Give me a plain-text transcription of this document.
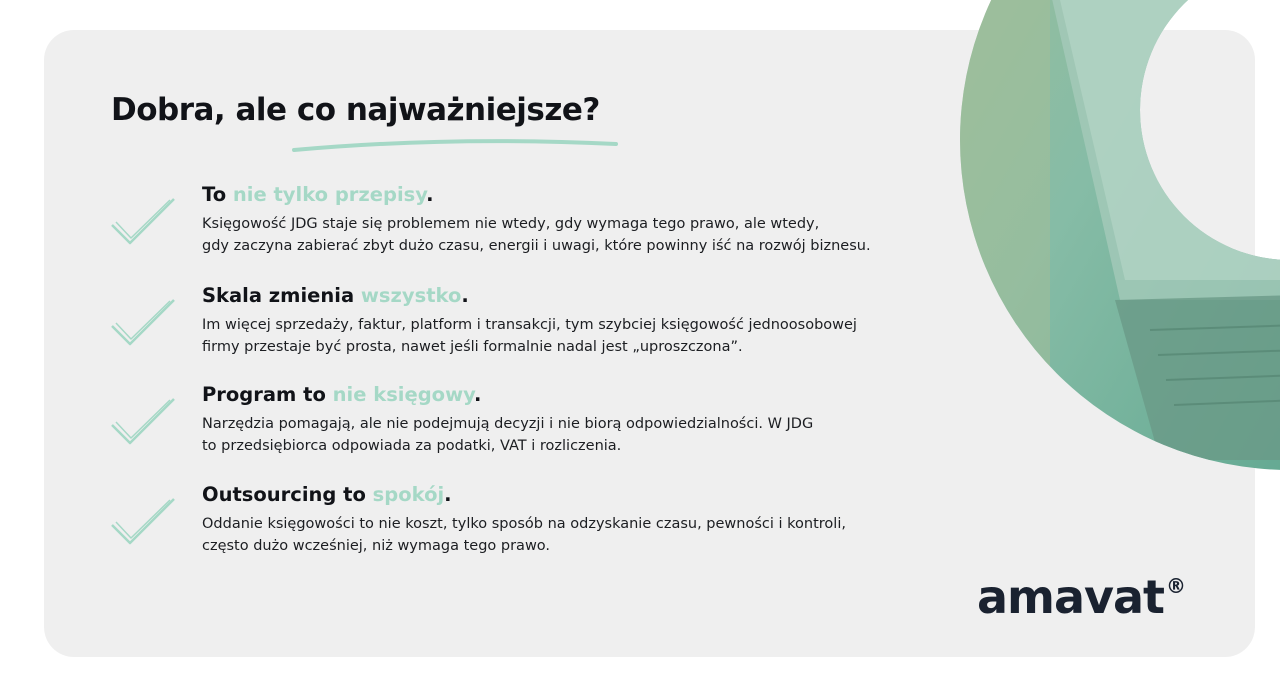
Dobra, ale co najważniejsze?
To nie tylko przepisy.

Księgowość JDG staje się problemem nie wtedy, gdy wymaga tego prawo, ale wtedy,
gdy zaczyna zabierać zbyt dużo czasu, energii i uwagi, które powinny iść na rozwój biznesu.

Skala zmienia wszystko.

Im więcej sprzedaży, faktur, platform i transakcji, tym szybciej księgowość jednoosobowej
firmy przestaje być prosta, nawet jeśli formalnie nadal jest „uproszczona”.

Program to nie księgowy.

Narzędzia pomagają, ale nie podejmują decyzji i nie biorą odpowiedzialności. W JDG
to przedsiębiorca odpowiada za podatki, VAT i rozliczenia.

Outsourcing to spokój.

Oddanie księgowości to nie koszt, tylko sposób na odzyskanie czasu, pewności i kontroli,
często dużo wcześniej, niż wymaga tego prawo.

amavat ®
